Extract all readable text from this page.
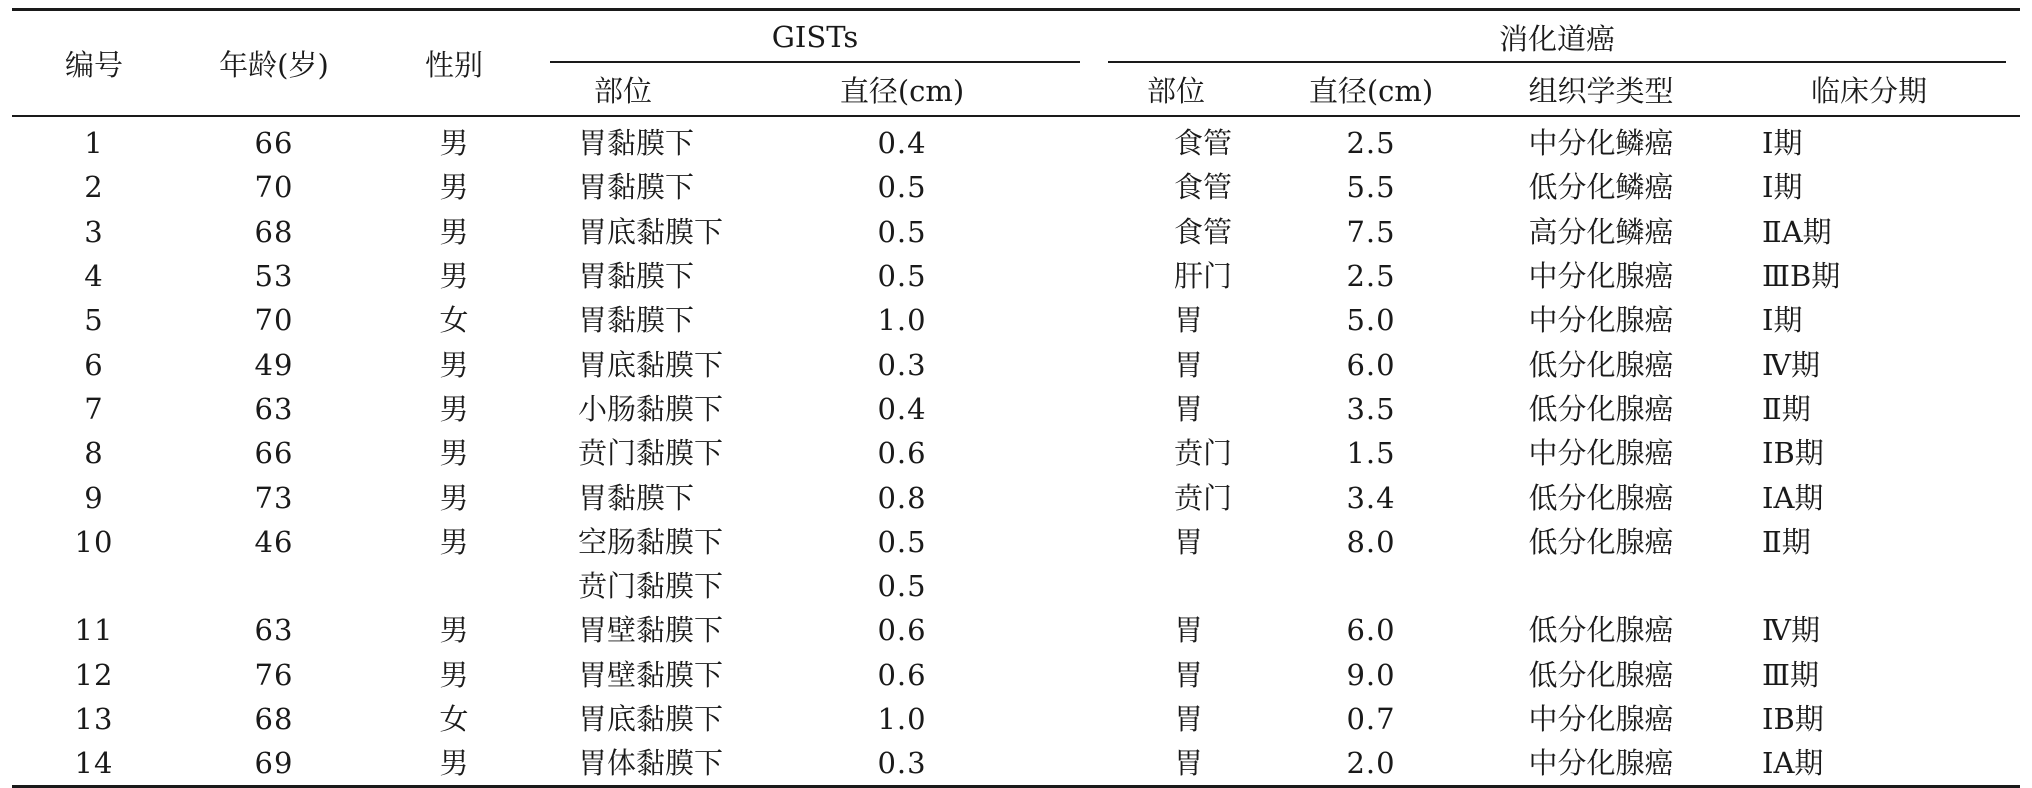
编号	年龄(岁)	性别	GISTs		消化道癌			
			部位	直径(cm)	部位	直径(cm)	组织学类型	临床分期
1	66	男	胃黏膜下	0.4	食管	2.5	中分化鳞癌	Ⅰ期
2	70	男	胃黏膜下	0.5	食管	5.5	低分化鳞癌	Ⅰ期
3	68	男	胃底黏膜下	0.5	食管	7.5	高分化鳞癌	ⅡA期
4	53	男	胃黏膜下	0.5	肝门	2.5	中分化腺癌	ⅢB期
5	70	女	胃黏膜下	1.0	胃	5.0	中分化腺癌	Ⅰ期
6	49	男	胃底黏膜下	0.3	胃	6.0	低分化腺癌	Ⅳ期
7	63	男	小肠黏膜下	0.4	胃	3.5	低分化腺癌	Ⅱ期
8	66	男	贲门黏膜下	0.6	贲门	1.5	中分化腺癌	ⅠB期
9	73	男	胃黏膜下	0.8	贲门	3.4	低分化腺癌	ⅠA期
10	46	男	空肠黏膜下	0.5	胃	8.0	低分化腺癌	Ⅱ期
			贲门黏膜下	0.5				
11	63	男	胃壁黏膜下	0.6	胃	6.0	低分化腺癌	Ⅳ期
12	76	男	胃壁黏膜下	0.6	胃	9.0	低分化腺癌	Ⅲ期
13	68	女	胃底黏膜下	1.0	胃	0.7	中分化腺癌	ⅠB期
14	69	男	胃体黏膜下	0.3	胃	2.0	中分化腺癌	ⅠA期
